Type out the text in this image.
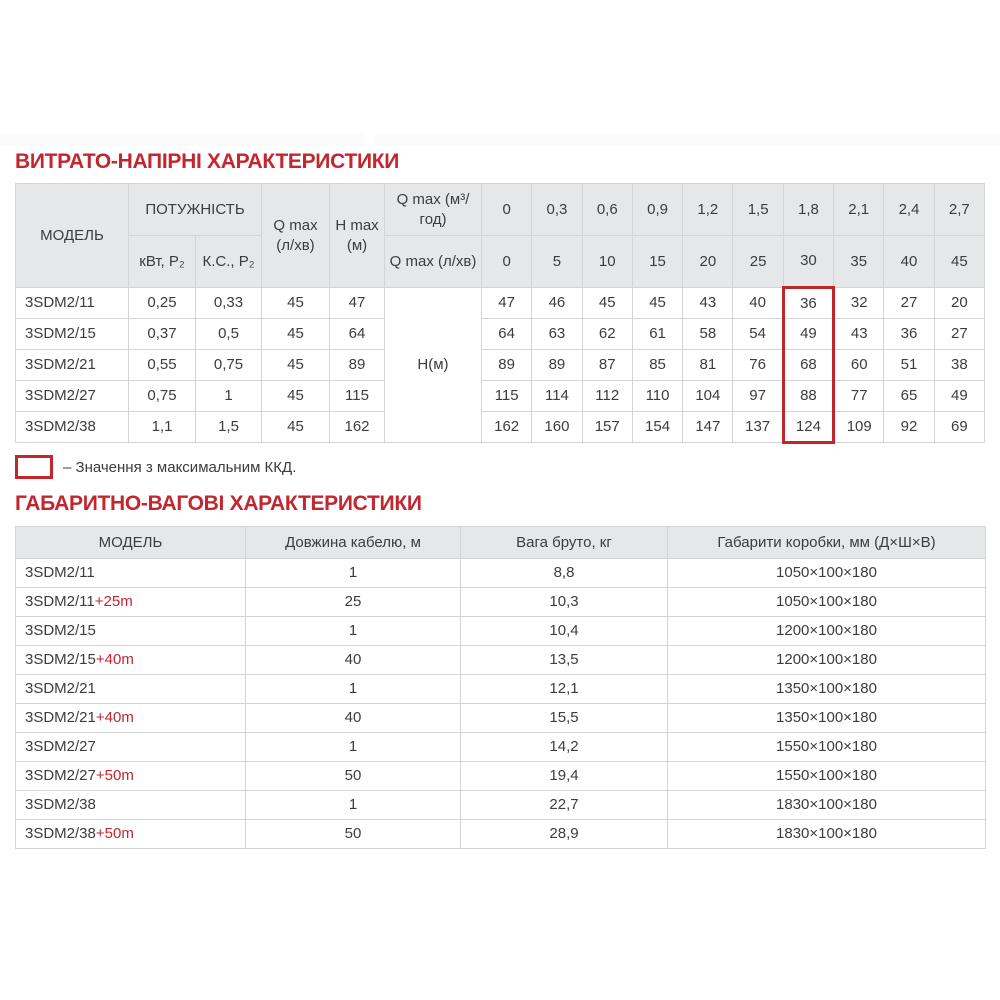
ВИТРАТО-НАПІРНІ ХАРАКТЕРИСТИКИ
МОДЕЛЬ	ПОТУЖНІСТЬ		Q max (л/хв)	H max (м)	Q max (м³/год)	0	0,3	0,6	0,9	1,2	1,5	1,8	2,1	2,4	2,7
	кВт, P₂	К.С., P₂			Q max (л/хв)	0	5	10	15	20	25	30	35	40	45
3SDM2/11	0,25	0,33	45	47	Н(м)	47	46	45	45	43	40	36	32	27	20
3SDM2/15	0,37	0,5	45	64		64	63	62	61	58	54	49	43	36	27
3SDM2/21	0,55	0,75	45	89		89	89	87	85	81	76	68	60	51	38
3SDM2/27	0,75	1	45	115		115	114	112	110	104	97	88	77	65	49
3SDM2/38	1,1	1,5	45	162		162	160	157	154	147	137	124	109	92	69
– Значення з максимальним ККД.
ГАБАРИТНО-ВАГОВІ ХАРАКТЕРИСТИКИ
МОДЕЛЬ	Довжина кабелю, м	Вага бруто, кг	Габарити коробки, мм (Д×Ш×В)
3SDM2/11	1	8,8	1050×100×180
3SDM2/11+25m	25	10,3	1050×100×180
3SDM2/15	1	10,4	1200×100×180
3SDM2/15+40m	40	13,5	1200×100×180
3SDM2/21	1	12,1	1350×100×180
3SDM2/21+40m	40	15,5	1350×100×180
3SDM2/27	1	14,2	1550×100×180
3SDM2/27+50m	50	19,4	1550×100×180
3SDM2/38	1	22,7	1830×100×180
3SDM2/38+50m	50	28,9	1830×100×180
